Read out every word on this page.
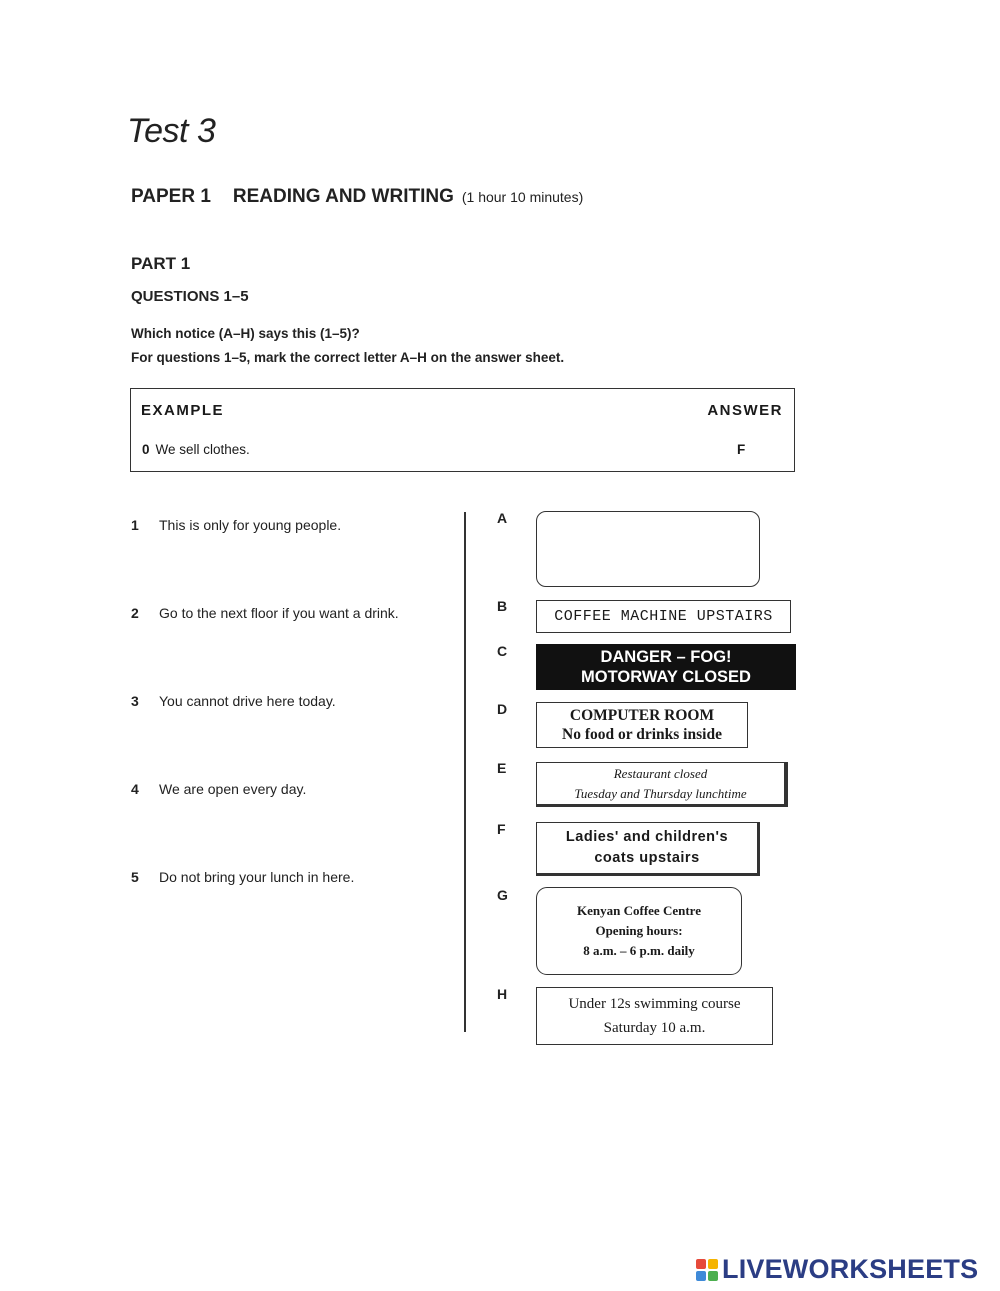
Test 3
PAPER 1 READING AND WRITING (1 hour 10 minutes)
PART 1
QUESTIONS 1–5
Which notice (A–H) says this (1–5)?
For questions 1–5, mark the correct letter A–H on the answer sheet.
EXAMPLE	ANSWER
0 We sell clothes.	F
1 This is only for young people.
2 Go to the next floor if you want a drink.
3 You cannot drive here today.
4 We are open every day.
5 Do not bring your lunch in here.
A
B
C
D
E
F
G
H
COFFEE MACHINE UPSTAIRS
DANGER – FOG!
MOTORWAY CLOSED
COMPUTER ROOM
No food or drinks inside
Restaurant closed
Tuesday and Thursday lunchtime
Ladies' and children's
coats upstairs
Kenyan Coffee Centre
Opening hours:
8 a.m. – 6 p.m. daily
Under 12s swimming course
Saturday 10 a.m.
LIVEWORKSHEETS
